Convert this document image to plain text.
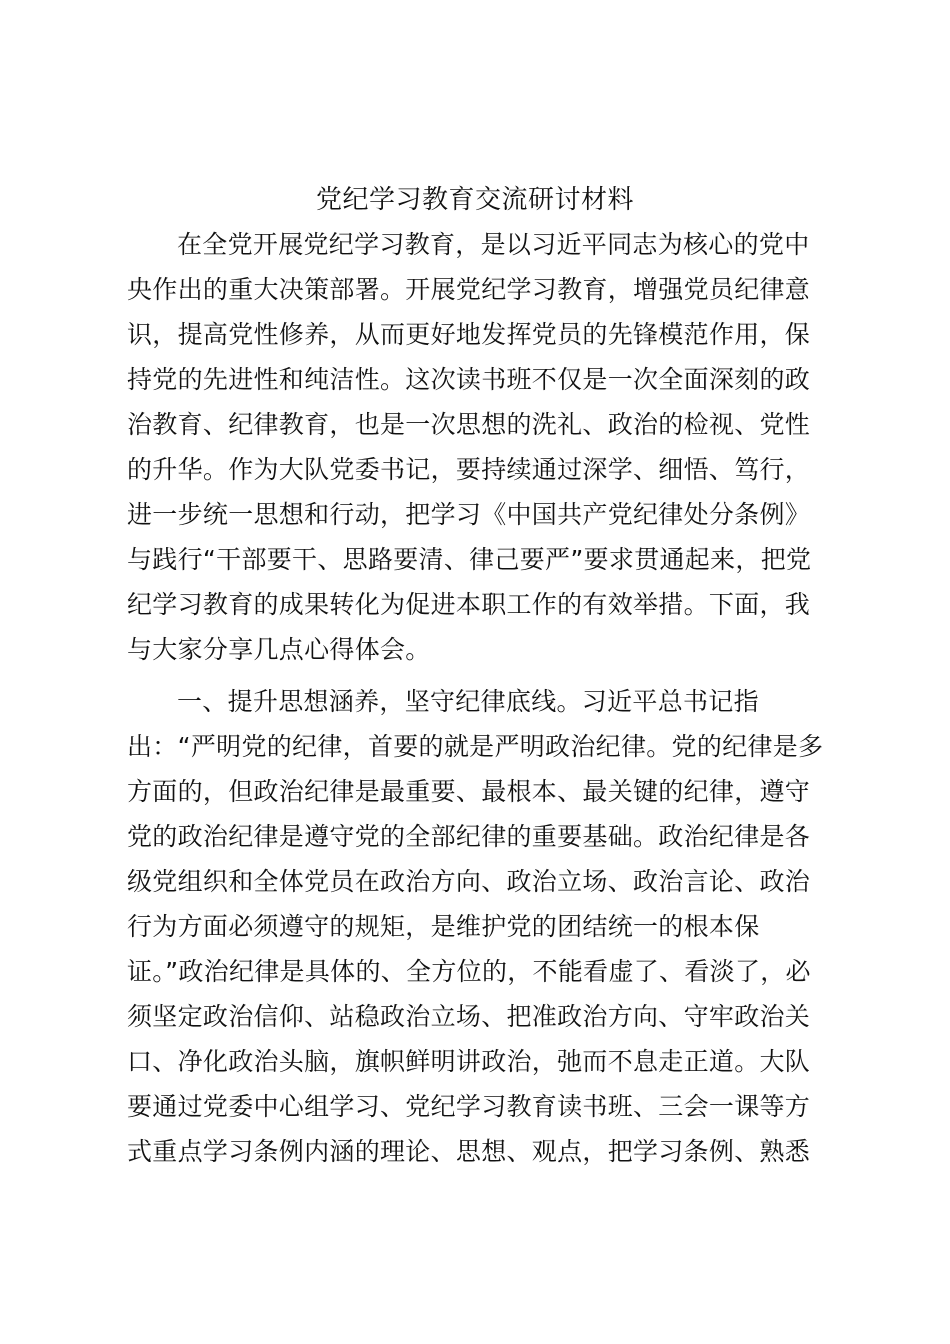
党纪学习教育交流研讨材料
在全党开展党纪学习教育，是以习近平同志为核心的党中
央作出的重大决策部署。开展党纪学习教育，增强党员纪律意
识，提高党性修养，从而更好地发挥党员的先锋模范作用，保
持党的先进性和纯洁性。这次读书班不仅是一次全面深刻的政
治教育、纪律教育，也是一次思想的洗礼、政治的检视、党性
的升华。作为大队党委书记，要持续通过深学、细悟、笃行，
进一步统一思想和行动，把学习《中国共产党纪律处分条例》
与践行“干部要干、思路要清、律己要严”要求贯通起来，把党
纪学习教育的成果转化为促进本职工作的有效举措。下面，我
与大家分享几点心得体会。
一、提升思想涵养，坚守纪律底线。习近平总书记指
出：“严明党的纪律，首要的就是严明政治纪律。党的纪律是多
方面的，但政治纪律是最重要、最根本、最关键的纪律，遵守
党的政治纪律是遵守党的全部纪律的重要基础。政治纪律是各
级党组织和全体党员在政治方向、政治立场、政治言论、政治
行为方面必须遵守的规矩，是维护党的团结统一的根本保
证。”政治纪律是具体的、全方位的，不能看虚了、看淡了，必
须坚定政治信仰、站稳政治立场、把准政治方向、守牢政治关
口、净化政治头脑，旗帜鲜明讲政治，弛而不息走正道。大队
要通过党委中心组学习、党纪学习教育读书班、三会一课等方
式重点学习条例内涵的理论、思想、观点，把学习条例、熟悉
